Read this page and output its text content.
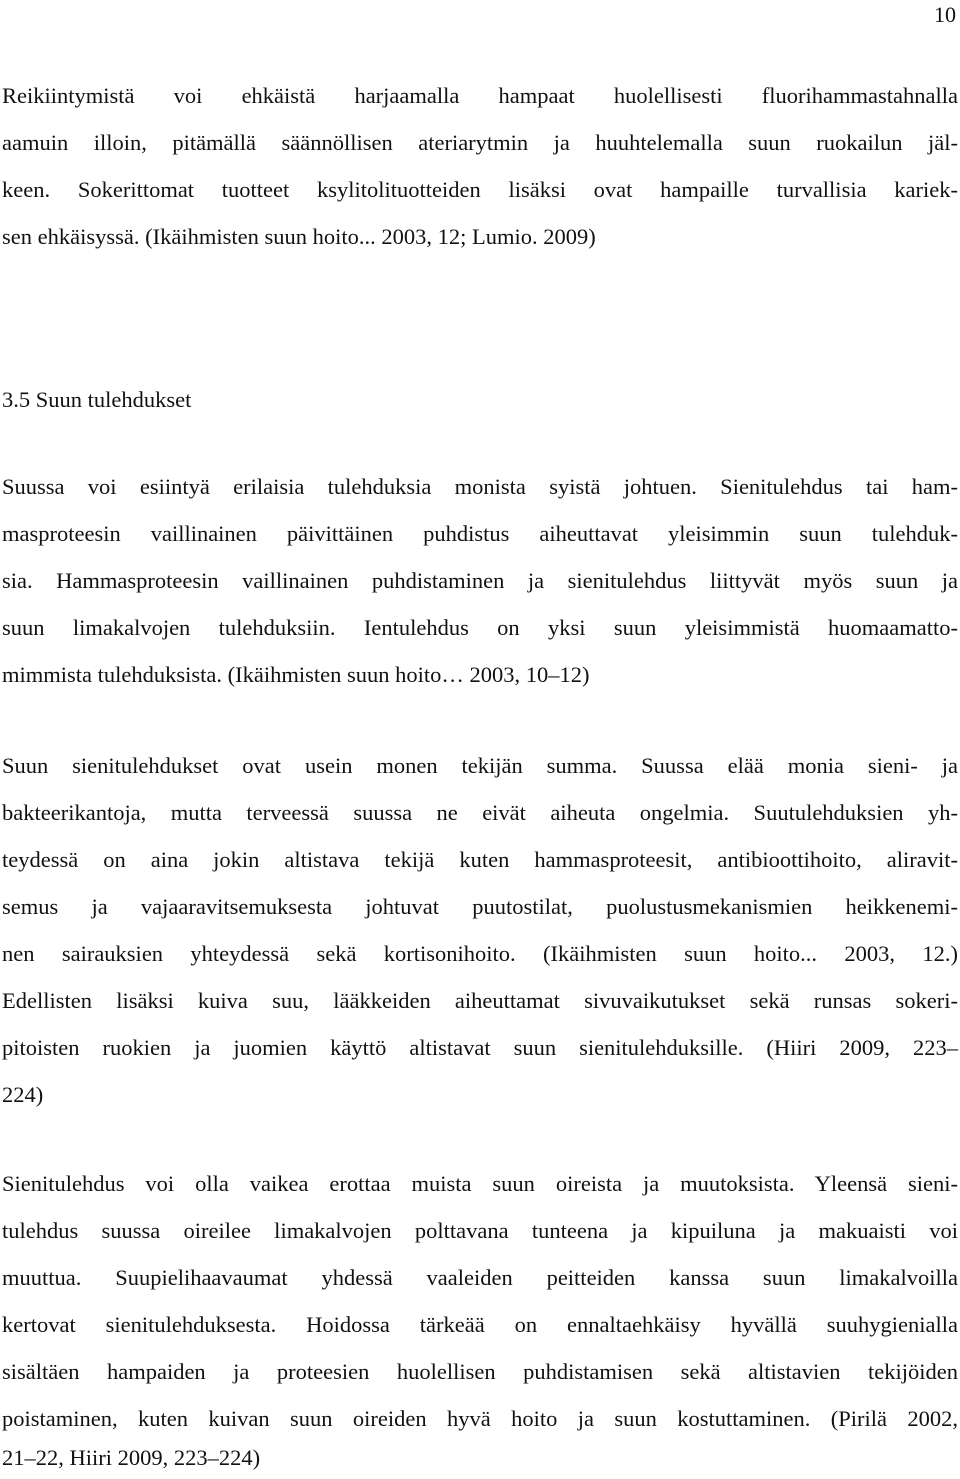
10
Reikiintymistä voi ehkäistä harjaamalla hampaat huolellisesti fluorihammastahnalla
aamuin illoin, pitämällä säännöllisen ateriarytmin ja huuhtelemalla suun ruokailun jäl-
keen. Sokerittomat tuotteet ksylitolituotteiden lisäksi ovat hampaille turvallisia kariek-
sen ehkäisyssä. (Ikäihmisten suun hoito... 2003, 12; Lumio. 2009)
3.5 Suun tulehdukset
Suussa voi esiintyä erilaisia tulehduksia monista syistä johtuen. Sienitulehdus tai ham-
masproteesin vaillinainen päivittäinen puhdistus aiheuttavat yleisimmin suun tulehduk-
sia. Hammasproteesin vaillinainen puhdistaminen ja sienitulehdus liittyvät myös suun ja
suun limakalvojen tulehduksiin. Ientulehdus on yksi suun yleisimmistä huomaamatto-
mimmista tulehduksista. (Ikäihmisten suun hoito… 2003, 10–12)
Suun sienitulehdukset ovat usein monen tekijän summa. Suussa elää monia sieni- ja
bakteerikantoja, mutta terveessä suussa ne eivät aiheuta ongelmia. Suutulehduksien yh-
teydessä on aina jokin altistava tekijä kuten hammasproteesit, antibioottihoito, aliravit-
semus ja vajaaravitsemuksesta johtuvat puutostilat, puolustusmekanismien heikkenemi-
nen sairauksien yhteydessä sekä kortisonihoito. (Ikäihmisten suun hoito... 2003, 12.)
Edellisten lisäksi kuiva suu, lääkkeiden aiheuttamat sivuvaikutukset sekä runsas sokeri-
pitoisten ruokien ja juomien käyttö altistavat suun sienitulehduksille. (Hiiri 2009, 223–
224)
Sienitulehdus voi olla vaikea erottaa muista suun oireista ja muutoksista. Yleensä sieni-
tulehdus suussa oireilee limakalvojen polttavana tunteena ja kipuiluna ja makuaisti voi
muuttua. Suupielihaavaumat yhdessä vaaleiden peitteiden kanssa suun limakalvoilla
kertovat sienitulehduksesta. Hoidossa tärkeää on ennaltaehkäisy hyvällä suuhygienialla
sisältäen hampaiden ja proteesien huolellisen puhdistamisen sekä altistavien tekijöiden
poistaminen, kuten kuivan suun oireiden hyvä hoito ja suun kostuttaminen. (Pirilä 2002,
21–22, Hiiri 2009, 223–224)
